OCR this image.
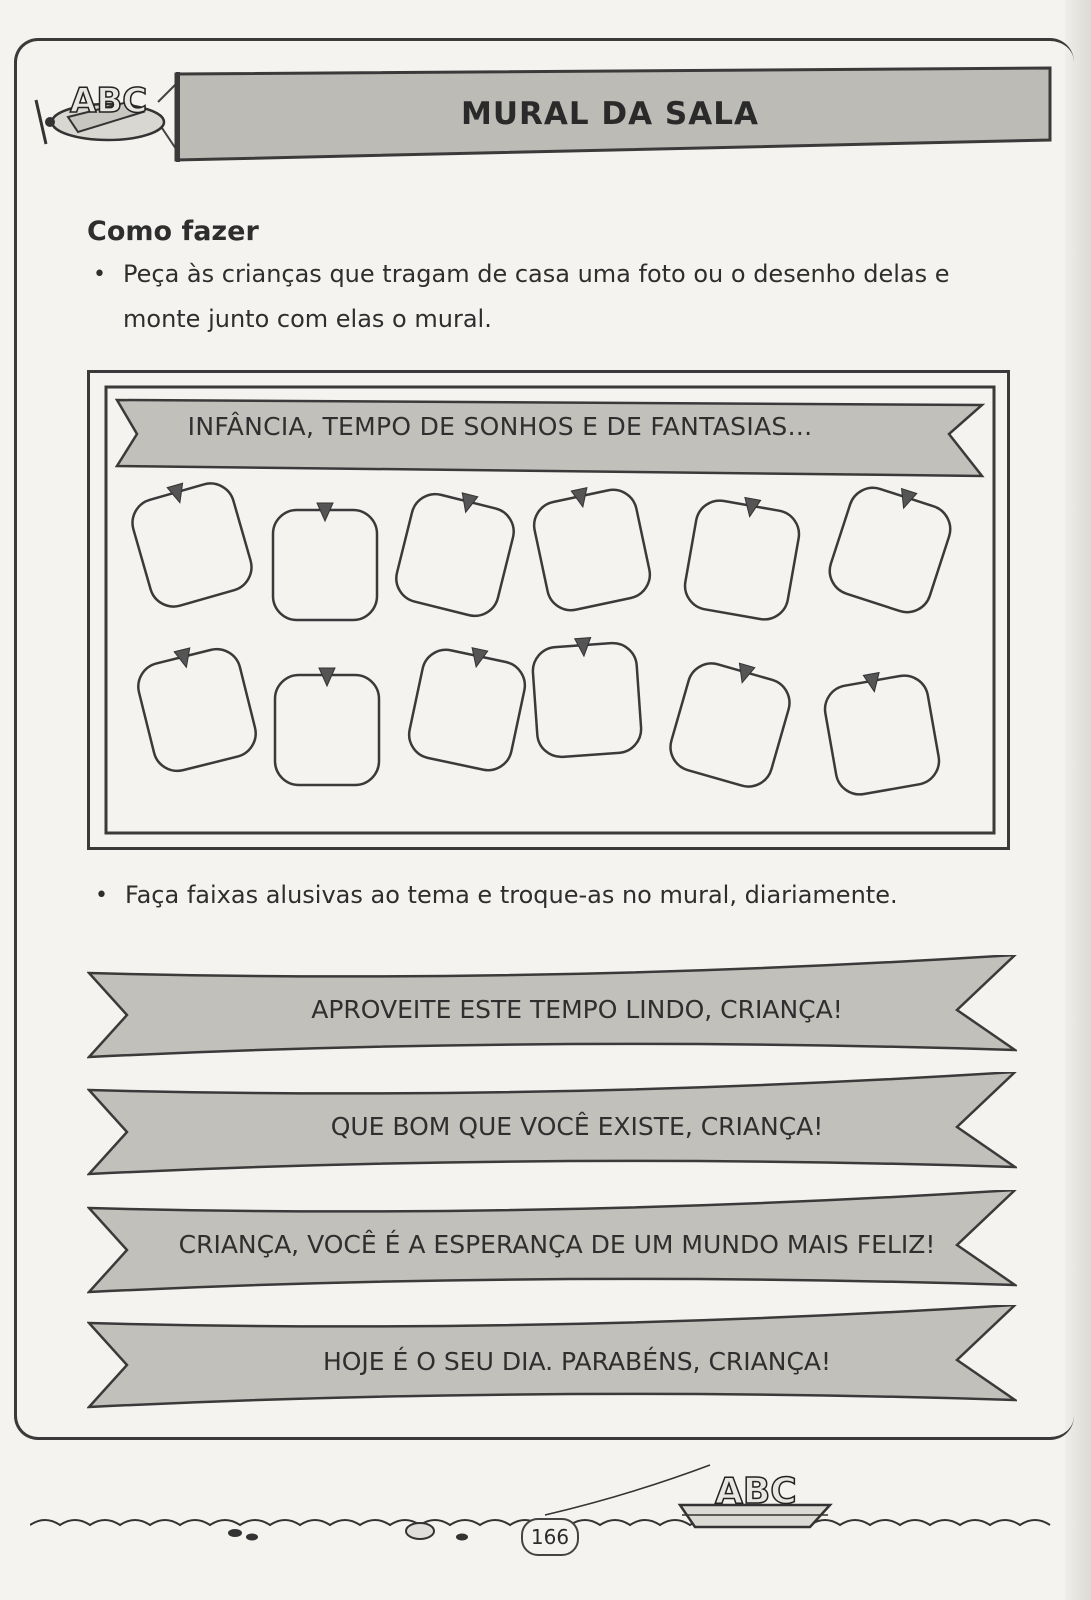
ABC	MURAL DA SALA
Como fazer
• Peça às crianças que tragam de casa uma foto ou o desenho delas e monte junto com elas o mural.
INFÂNCIA, TEMPO DE SONHOS E DE FANTASIAS...
• Faça faixas alusivas ao tema e troque-as no mural, diariamente.
APROVEITE ESTE TEMPO LINDO, CRIANÇA!
QUE BOM QUE VOCÊ EXISTE, CRIANÇA!
CRIANÇA, VOCÊ É A ESPERANÇA DE UM MUNDO MAIS FELIZ!
HOJE É O SEU DIA. PARABÉNS, CRIANÇA!
ABC
166
